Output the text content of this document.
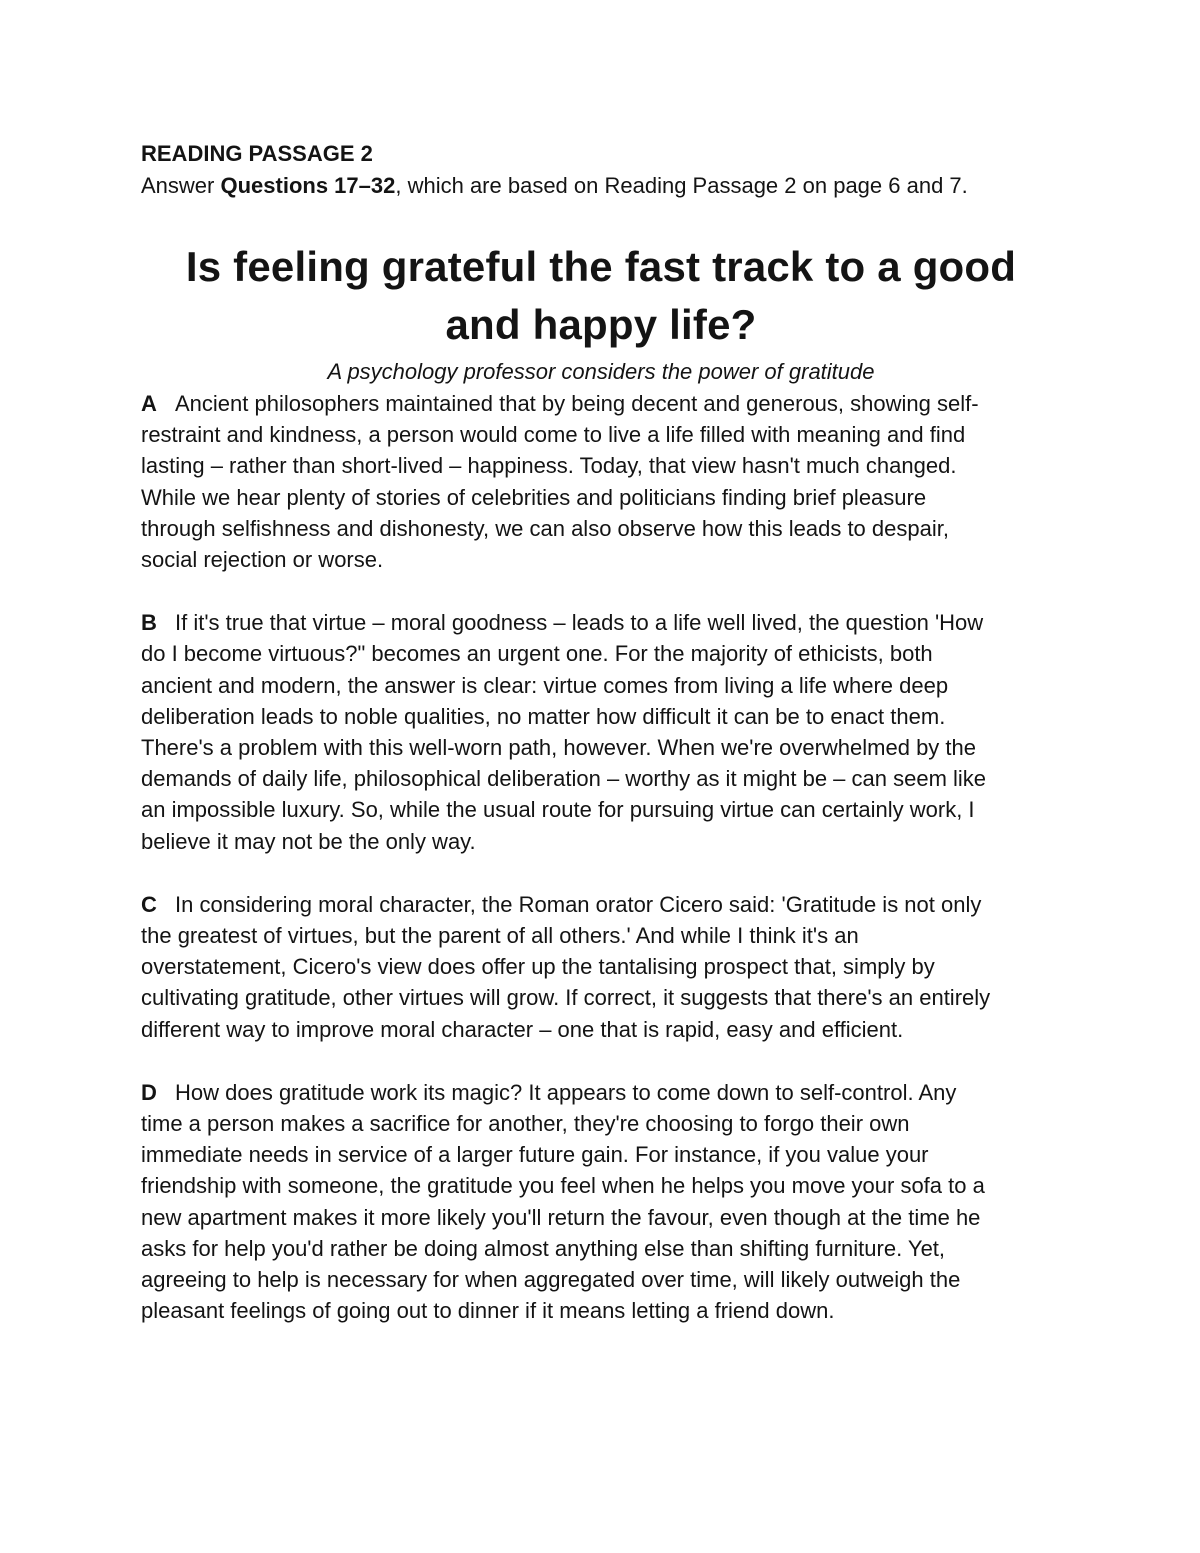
READING PASSAGE 2

Answer Questions 17–32, which are based on Reading Passage 2 on page 6 and 7.

Is feeling grateful the fast track to a good and happy life?

A psychology professor considers the power of gratitude

A Ancient philosophers maintained that by being decent and generous, showing self-
restraint and kindness, a person would come to live a life filled with meaning and find
lasting – rather than short-lived – happiness. Today, that view hasn't much changed.
While we hear plenty of stories of celebrities and politicians finding brief pleasure
through selfishness and dishonesty, we can also observe how this leads to despair,
social rejection or worse.

B If it's true that virtue – moral goodness – leads to a life well lived, the question 'How
do I become virtuous?" becomes an urgent one. For the majority of ethicists, both
ancient and modern, the answer is clear: virtue comes from living a life where deep
deliberation leads to noble qualities, no matter how difficult it can be to enact them.
There's a problem with this well-worn path, however. When we're overwhelmed by the
demands of daily life, philosophical deliberation – worthy as it might be – can seem like
an impossible luxury. So, while the usual route for pursuing virtue can certainly work, I
believe it may not be the only way.

C In considering moral character, the Roman orator Cicero said: 'Gratitude is not only
the greatest of virtues, but the parent of all others.' And while I think it's an
overstatement, Cicero's view does offer up the tantalising prospect that, simply by
cultivating gratitude, other virtues will grow. If correct, it suggests that there's an entirely
different way to improve moral character – one that is rapid, easy and efficient.

D How does gratitude work its magic? It appears to come down to self-control. Any
time a person makes a sacrifice for another, they're choosing to forgo their own
immediate needs in service of a larger future gain. For instance, if you value your
friendship with someone, the gratitude you feel when he helps you move your sofa to a
new apartment makes it more likely you'll return the favour, even though at the time he
asks for help you'd rather be doing almost anything else than shifting furniture. Yet,
agreeing to help is necessary for when aggregated over time, will likely outweigh the
pleasant feelings of going out to dinner if it means letting a friend down.
